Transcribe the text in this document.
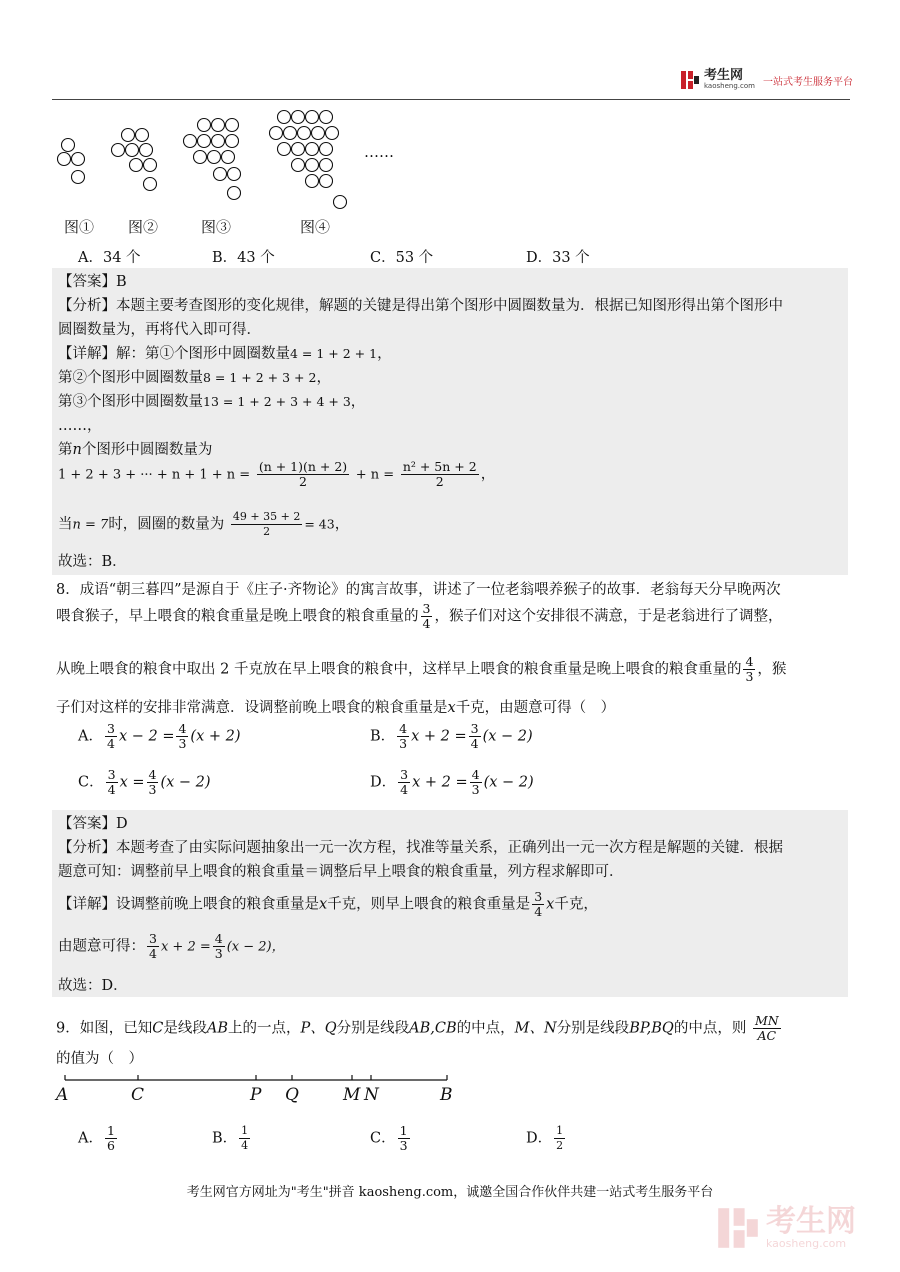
考生网
kaosheng.com 一站式考生服务平台
……
图① 图②	图③	图④
A．34 个	B．43 个	C．53 个	D．33 个
【答案】B
【分析】本题主要考查图形的变化规律，解题的关键是得出第个图形中圆圈数量为．根据已知图形得出第个图形中
圆圈数量为，再将代入即可得．
【详解】解：第①个图形中圆圈数量4 = 1 + 2 + 1，
第②个图形中圆圈数量8 = 1 + 2 + 3 + 2，
第③个图形中圆圈数量13 = 1 + 2 + 3 + 4 + 3，
……，
第n个图形中圆圈数量为
1 + 2 + 3 + ··· + $n + 1 + n = \frac{(n + 1)(n + 2)}{2} + n = \frac{\text{n² + 5n + 2}}{2}$ ，
当n = 7时，圆圈的数量为 $\frac{49 + 35 + 2}{2} = 43$，
故选：B．
8．成语“朝三暮四”是源自于《庄子·齐物论》的寓言故事，讲述了一位老翁喂养猴子的故事．老翁每天分早晚两次
喂食猴子，早上喂食的粮食重量是晚上喂食的粮食重量的 $\frac{3}{4}$ ，猴子们对这个安排很不满意，于是老翁进行了调整，
从晚上喂食的粮食中取出 2 千克放在早上喂食的粮食中，这样早上喂食的粮食重量是晚上喂食的粮食重量的 $\frac{4}{3}$ ，猴
子们对这样的安排非常满意．设调整前晚上喂食的粮食重量是x千克，由题意可得（　）
A． $\frac{3}{4}$ $x - 2 = \frac{4}{3} (x + 2)$	B． $\frac{4}{3}$ $x + 2 = \frac{3}{4} (x - 2)$
C． $\frac{3}{4}$ $x = \frac{4}{3} (x - 2)$	D． $\frac{3}{4}$ $x + 2 = \frac{4}{3} (x - 2)$
【答案】D
【分析】本题考查了由实际问题抽象出一元一次方程，找准等量关系，正确列出一元一次方程是解题的关键．根据
题意可知：调整前早上喂食的粮食重量＝调整后早上喂食的粮食重量，列方程求解即可．
【详解】设调整前晚上喂食的粮食重量是x千克，则早上喂食的粮食重量是 $\frac{3}{4}$ x千克，
由题意可得： $\frac{3}{4}$ $x + 2 = \frac{4}{3} (x - 2)$，
故选：D．
9．如图，已知C是线段AB上的一点，P、Q分别是线段AB,CB的中点，M、N分别是线段BP,BQ的中点，则 $\frac{MN}{AC}$
的值为（　）
A	C	P Q	M N	B
A． $\frac{1}{6}$	B． $\frac{1}{4}$	C． $\frac{1}{3}$	D． $\frac{1}{2}$
考生网官方网址为"考生"拼音 kaosheng.com，诚邀全国合作伙伴共建一站式考生服务平台
考生网
kaosheng.com
